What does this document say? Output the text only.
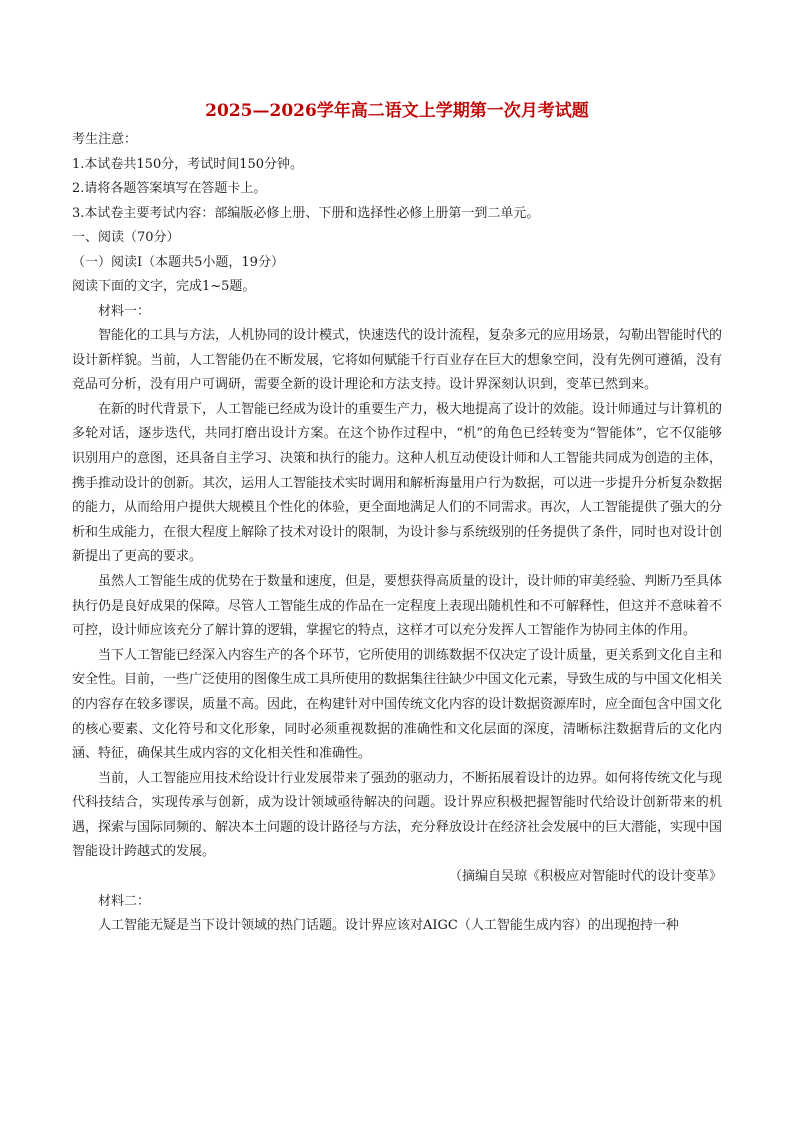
2025—2026学年高二语文上学期第一次月考试题

考生注意：

1.本试卷共150分，考试时间150分钟。

2.请将各题答案填写在答题卡上。

3.本试卷主要考试内容：部编版必修上册、下册和选择性必修上册第一到二单元。

一、阅读（70分）

（一）阅读Ⅰ（本题共5小题，19分）

阅读下面的文字，完成1~5题。

材料一：

智能化的工具与方法，人机协同的设计模式，快速迭代的设计流程，复杂多元的应用场景，勾勒出智能时代的设计新样貌。当前，人工智能仍在不断发展，它将如何赋能千行百业存在巨大的想象空间，没有先例可遵循，没有竞品可分析，没有用户可调研，需要全新的设计理论和方法支持。设计界深刻认识到，变革已然到来。

在新的时代背景下，人工智能已经成为设计的重要生产力，极大地提高了设计的效能。设计师通过与计算机的多轮对话，逐步迭代，共同打磨出设计方案。在这个协作过程中，“机”的角色已经转变为“智能体”，它不仅能够识别用户的意图，还具备自主学习、决策和执行的能力。这种人机互动使设计师和人工智能共同成为创造的主体，携手推动设计的创新。其次，运用人工智能技术实时调用和解析海量用户行为数据，可以进一步提升分析复杂数据的能力，从而给用户提供大规模且个性化的体验，更全面地满足人们的不同需求。再次，人工智能提供了强大的分析和生成能力，在很大程度上解除了技术对设计的限制，为设计参与系统级别的任务提供了条件，同时也对设计创新提出了更高的要求。

虽然人工智能生成的优势在于数量和速度，但是，要想获得高质量的设计，设计师的审美经验、判断乃至具体执行仍是良好成果的保障。尽管人工智能生成的作品在一定程度上表现出随机性和不可解释性，但这并不意味着不可控，设计师应该充分了解计算的逻辑，掌握它的特点，这样才可以充分发挥人工智能作为协同主体的作用。

当下人工智能已经深入内容生产的各个环节，它所使用的训练数据不仅决定了设计质量，更关系到文化自主和安全性。目前，一些广泛使用的图像生成工具所使用的数据集往往缺少中国文化元素，导致生成的与中国文化相关的内容存在较多谬误，质量不高。因此，在构建针对中国传统文化内容的设计数据资源库时，应全面包含中国文化的核心要素、文化符号和文化形象，同时必须重视数据的准确性和文化层面的深度，清晰标注数据背后的文化内涵、特征，确保其生成内容的文化相关性和准确性。

当前，人工智能应用技术给设计行业发展带来了强劲的驱动力，不断拓展着设计的边界。如何将传统文化与现代科技结合，实现传承与创新，成为设计领域亟待解决的问题。设计界应积极把握智能时代给设计创新带来的机遇，探索与国际同频的、解决本土问题的设计路径与方法，充分释放设计在经济社会发展中的巨大潜能，实现中国智能设计跨越式的发展。

（摘编自吴琼《积极应对智能时代的设计变革》

材料二：

人工智能无疑是当下设计领域的热门话题。设计界应该对AIGC（人工智能生成内容）的出现抱持一种
